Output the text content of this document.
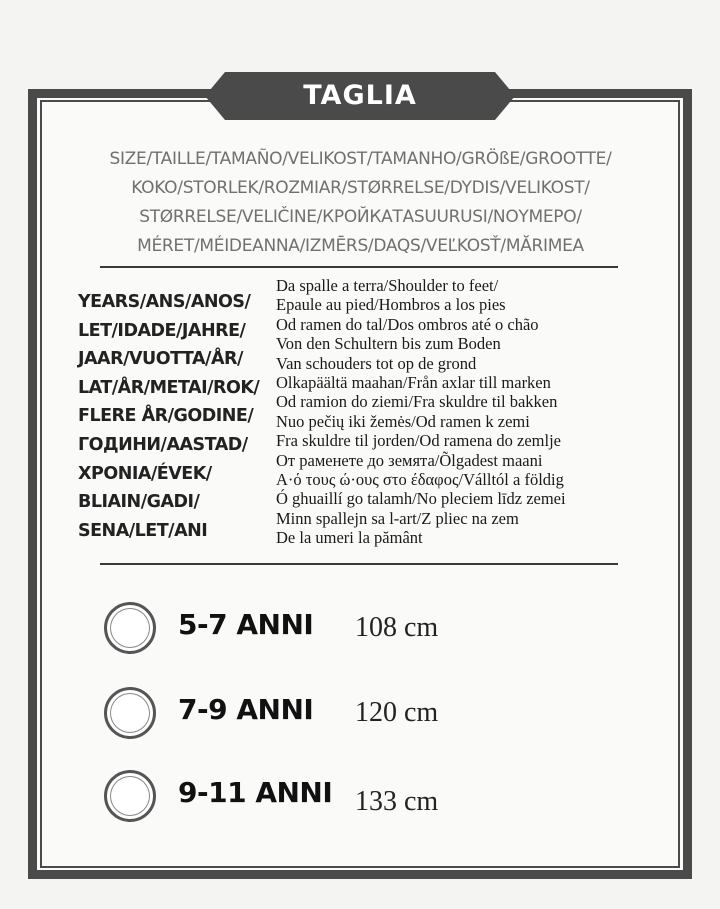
TAGLIA
SIZE/TAILLE/TAMAÑO/VELIKOST/TAMANHO/GRÖßE/GROOTTE/
KOKO/STORLEK/ROZMIAR/STØRRELSE/DYDIS/VELIKOST/
STØRRELSE/VELIČINE/КРОЙКАТАSUURUSI/ΝΟΥΜΕΡΟ/
MÉRET/MÉIDEANNA/IZMĒRS/DAQS/VEĽKOSŤ/MĂRIMEA
YEARS/ANS/ANOS/
LET/IDADE/JAHRE/
JAAR/VUOTTA/ÅR/
LAT/ÅR/METAI/ROK/
FLERE ÅR/GODINE/
ГОДИНИ/AASTAD/
ΧΡΟΝΙΑ/ÉVEK/
BLIAIN/GADI/
SENA/LET/ANI
Da spalle a terra/Shoulder to feet/
Epaule au pied/Hombros a los pies
Od ramen do tal/Dos ombros até o chão
Von den Schultern bis zum Boden
Van schouders tot op de grond
Olkapäältä maahan/Från axlar till marken
Od ramion do ziemi/Fra skuldre til bakken
Nuo pečių iki žemės/Od ramen k zemi
Fra skuldre til jorden/Od ramena do zemlje
От раменете до земята/Õlgadest maani
Α·ό τους ώ·ους στο έδαφος/Válltól a földig
Ó ghuaillí go talamh/No pleciem līdz zemei
Minn spallejn sa l-art/Z pliec na zem
De la umeri la pământ
5-7 ANNI 108 cm
7-9 ANNI 120 cm
9-11 ANNI 133 cm
